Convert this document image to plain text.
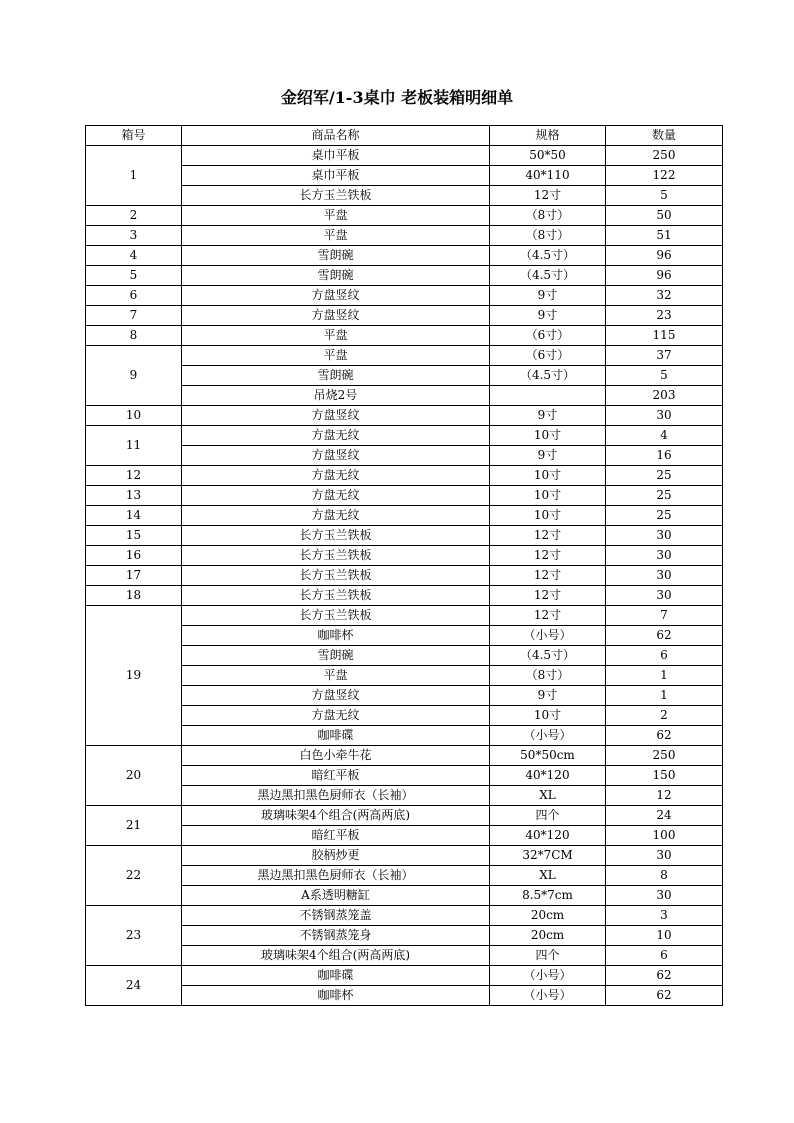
金绍军/1-3桌巾 老板装箱明细单
箱号	商品名称	规格	数量
1	桌巾平板	50*50	250
	桌巾平板	40*110	122
	长方玉兰铁板	12寸	5
2	平盘	（8寸）	50
3	平盘	（8寸）	51
4	雪朗碗	（4.5寸）	96
5	雪朗碗	（4.5寸）	96
6	方盘竖纹	9寸	32
7	方盘竖纹	9寸	23
8	平盘	（6寸）	115
9	平盘	（6寸）	37
	雪朗碗	（4.5寸）	5
	吊烧2号		203
10	方盘竖纹	9寸	30
11	方盘无纹	10寸	4
	方盘竖纹	9寸	16
12	方盘无纹	10寸	25
13	方盘无纹	10寸	25
14	方盘无纹	10寸	25
15	长方玉兰铁板	12寸	30
16	长方玉兰铁板	12寸	30
17	长方玉兰铁板	12寸	30
18	长方玉兰铁板	12寸	30
19	长方玉兰铁板	12寸	7
	咖啡杯	（小号）	62
	雪朗碗	（4.5寸）	6
	平盘	（8寸）	1
	方盘竖纹	9寸	1
	方盘无纹	10寸	2
	咖啡碟	（小号）	62
20	白色小牵牛花	50*50cm	250
	暗红平板	40*120	150
	黑边黑扣黑色厨师衣（长袖）	XL	12
21	玻璃味架4个组合(两高两底)	四个	24
	暗红平板	40*120	100
22	胶柄炒更	32*7CM	30
	黑边黑扣黑色厨师衣（长袖）	XL	8
	A系透明糖缸	8.5*7cm	30
23	不锈钢蒸笼盖	20cm	3
	不锈钢蒸笼身	20cm	10
	玻璃味架4个组合(两高两底)	四个	6
24	咖啡碟	（小号）	62
	咖啡杯	（小号）	62
